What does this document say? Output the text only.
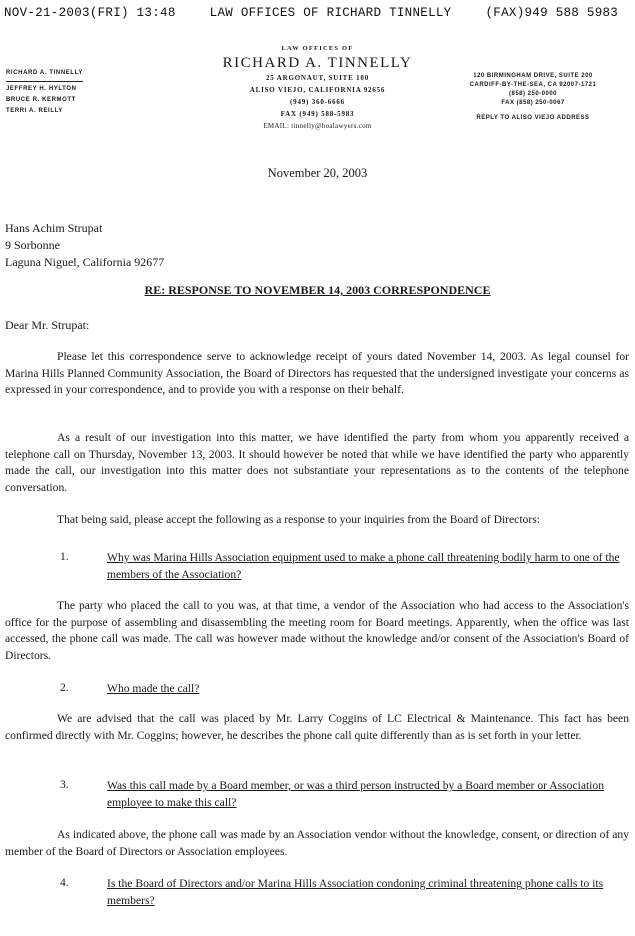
NOV-21-2003(FRI) 13:48	LAW OFFICES OF RICHARD TINNELLY	(FAX)949 588 5983
RICHARD A. TINNELLY
JEFFREY H. HYLTON
BRUCE R. KERMOTT
TERRI A. REILLY
LAW OFFICES OF
RICHARD A. TINNELLY
25 ARGONAUT, SUITE 100
ALISO VIEJO, CALIFORNIA 92656
(949) 360-6666
FAX (949) 588-5983
EMAIL: tinnelly@hoalawyers.com
120 BIRMINGHAM DRIVE, SUITE 200
CARDIFF-BY-THE-SEA, CA 92007-1721
(858) 250-0000
FAX (858) 250-0067
REPLY TO ALISO VIEJO ADDRESS
November 20, 2003
Hans Achim Strupat
9 Sorbonne
Laguna Niguel, California 92677
RE: RESPONSE TO NOVEMBER 14, 2003 CORRESPONDENCE
Dear Mr. Strupat:
Please let this correspondence serve to acknowledge receipt of yours dated November 14, 2003. As legal counsel for Marina Hills Planned Community Association, the Board of Directors has requested that the undersigned investigate your concerns as expressed in your correspondence, and to provide you with a response on their behalf.
As a result of our investigation into this matter, we have identified the party from whom you apparently received a telephone call on Thursday, November 13, 2003. It should however be noted that while we have identified the party who apparently made the call, our investigation into this matter does not substantiate your representations as to the contents of the telephone conversation.
That being said, please accept the following as a response to your inquiries from the Board of Directors:
1.	Why was Marina Hills Association equipment used to make a phone call threatening bodily harm to one of the members of the Association?
The party who placed the call to you was, at that time, a vendor of the Association who had access to the Association's office for the purpose of assembling and disassembling the meeting room for Board meetings. Apparently, when the office was last accessed, the phone call was made. The call was however made without the knowledge and/or consent of the Association's Board of Directors.
2.	Who made the call?
We are advised that the call was placed by Mr. Larry Coggins of LC Electrical & Maintenance. This fact has been confirmed directly with Mr. Coggins; however, he describes the phone call quite differently than as is set forth in your letter.
3.	Was this call made by a Board member, or was a third person instructed by a Board member or Association employee to make this call?
As indicated above, the phone call was made by an Association vendor without the knowledge, consent, or direction of any member of the Board of Directors or Association employees.
4.	Is the Board of Directors and/or Marina Hills Association condoning criminal threatening phone calls to its members?
